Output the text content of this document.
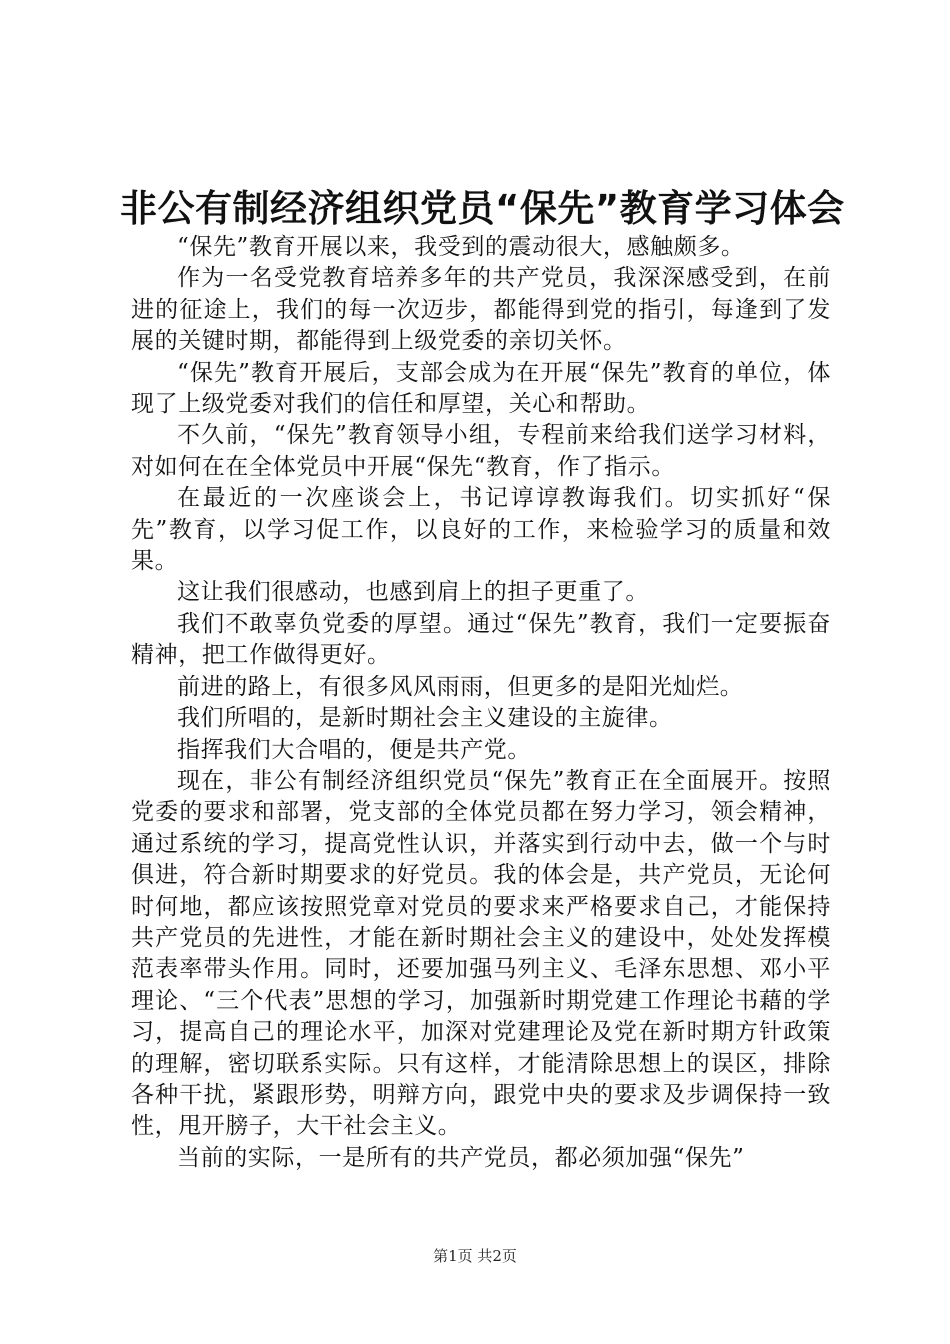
非公有制经济组织党员“保先”教育学习体会

“保先”教育开展以来，我受到的震动很大，感触颇多。

作为一名受党教育培养多年的共产党员，我深深感受到，在前进的征途上，我们的每一次迈步，都能得到党的指引，每逢到了发展的关键时期，都能得到上级党委的亲切关怀。

“保先”教育开展后，支部会成为在开展“保先”教育的单位，体现了上级党委对我们的信任和厚望，关心和帮助。

不久前，“保先”教育领导小组，专程前来给我们送学习材料，对如何在在全体党员中开展“保先“教育，作了指示。

在最近的一次座谈会上，书记谆谆教诲我们。切实抓好“保先”教育，以学习促工作，以良好的工作，来检验学习的质量和效果。

这让我们很感动，也感到肩上的担子更重了。

我们不敢辜负党委的厚望。通过“保先”教育，我们一定要振奋精神，把工作做得更好。

前进的路上，有很多风风雨雨，但更多的是阳光灿烂。

我们所唱的，是新时期社会主义建设的主旋律。

指挥我们大合唱的，便是共产党。

现在，非公有制经济组织党员“保先”教育正在全面展开。按照党委的要求和部署，党支部的全体党员都在努力学习，领会精神，通过系统的学习，提高党性认识，并落实到行动中去，做一个与时俱进，符合新时期要求的好党员。我的体会是，共产党员，无论何时何地，都应该按照党章对党员的要求来严格要求自己，才能保持共产党员的先进性，才能在新时期社会主义的建设中，处处发挥模范表率带头作用。同时，还要加强马列主义、毛泽东思想、邓小平理论、“三个代表”思想的学习，加强新时期党建工作理论书藉的学习，提高自己的理论水平，加深对党建理论及党在新时期方针政策的理解，密切联系实际。只有这样，才能清除思想上的误区，排除各种干扰，紧跟形势，明辩方向，跟党中央的要求及步调保持一致性，甩开膀子，大干社会主义。

当前的实际，一是所有的共产党员，都必须加强“保先”

第1页 共2页
